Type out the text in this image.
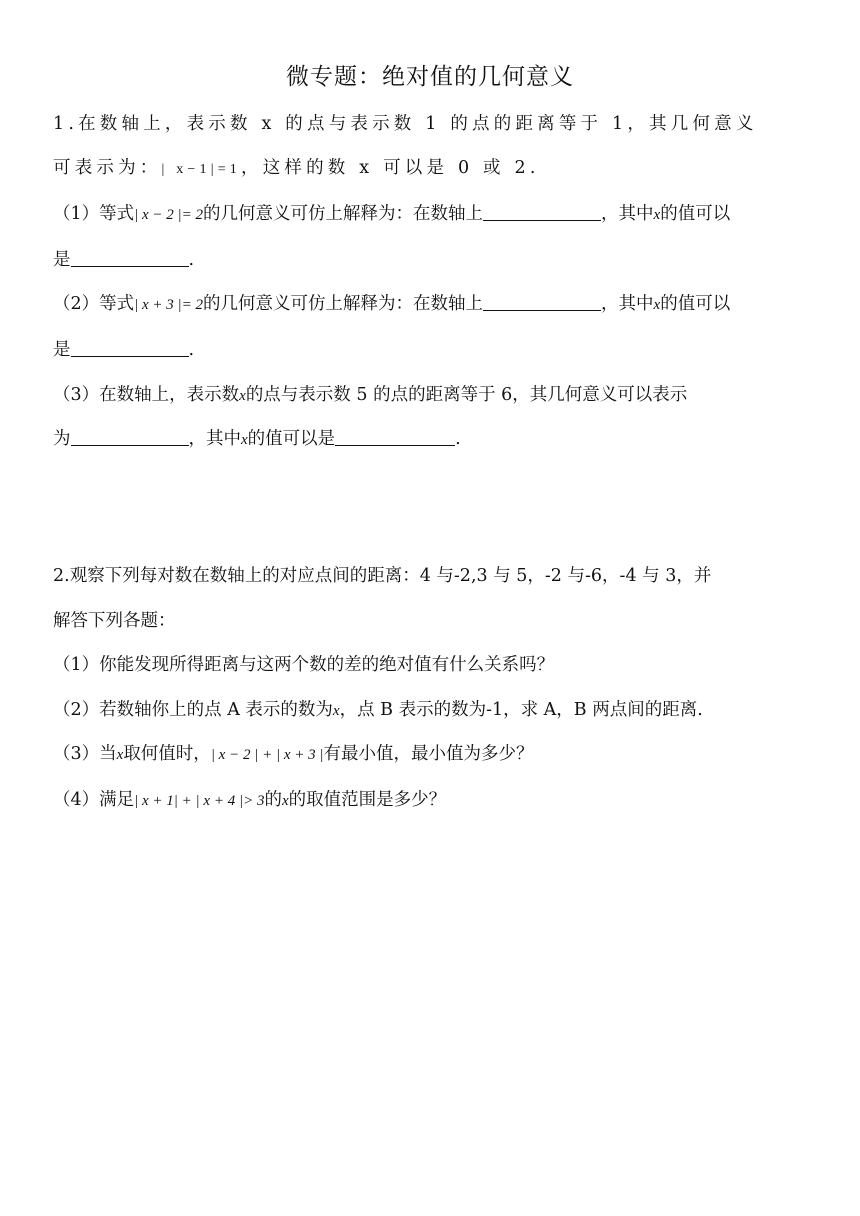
微专题：绝对值的几何意义
1.在数轴上，表示数 x 的点与表示数 1 的点的距离等于 1，其几何意义
可表示为：| x−1|=1，这样的数 x 可以是 0 或 2.
（1）等式| x − 2 |= 2的几何意义可仿上解释为：在数轴上	，其中x的值可以
是	.
（2）等式| x + 3 |= 2的几何意义可仿上解释为：在数轴上	，其中x的值可以
是	.
（3）在数轴上，表示数x的点与表示数 5 的点的距离等于 6，其几何意义可以表示
为	，其中x的值可以是	.
2.观察下列每对数在数轴上的对应点间的距离：4 与-2,3 与 5，-2 与-6，-4 与 3，并
解答下列各题：
（1）你能发现所得距离与这两个数的差的绝对值有什么关系吗？
（2）若数轴你上的点 A 表示的数为x，点 B 表示的数为-1，求 A，B 两点间的距离.
（3）当x取何值时，| x − 2 | + | x + 3 |有最小值，最小值为多少？
（4）满足| x + 1| + | x + 4 |> 3的x的取值范围是多少？
